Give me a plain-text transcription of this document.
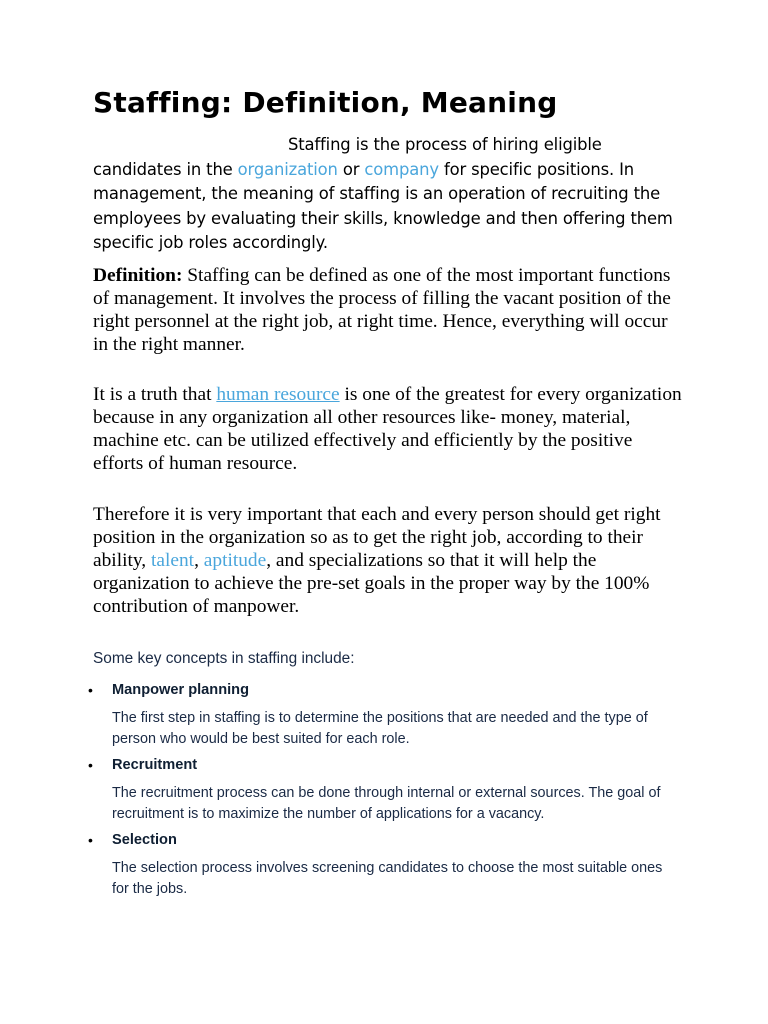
Staffing: Definition, Meaning

Staffing is the process of hiring eligible candidates in the organization or company for specific positions. In management, the meaning of staffing is an operation of recruiting the employees by evaluating their skills, knowledge and then offering them specific job roles accordingly.

Definition: Staffing can be defined as one of the most important functions of management. It involves the process of filling the vacant position of the right personnel at the right job, at right time. Hence, everything will occur in the right manner.

It is a truth that human resource is one of the greatest for every organization because in any organization all other resources like- money, material, machine etc. can be utilized effectively and efficiently by the positive efforts of human resource.

Therefore it is very important that each and every person should get right position in the organization so as to get the right job, according to their ability, talent, aptitude, and specializations so that it will help the organization to achieve the pre-set goals in the proper way by the 100% contribution of manpower.

Some key concepts in staffing include:

• Manpower planning

The first step in staffing is to determine the positions that are needed and the type of person who would be best suited for each role.

• Recruitment

The recruitment process can be done through internal or external sources. The goal of recruitment is to maximize the number of applications for a vacancy.

• Selection

The selection process involves screening candidates to choose the most suitable ones for the jobs.
